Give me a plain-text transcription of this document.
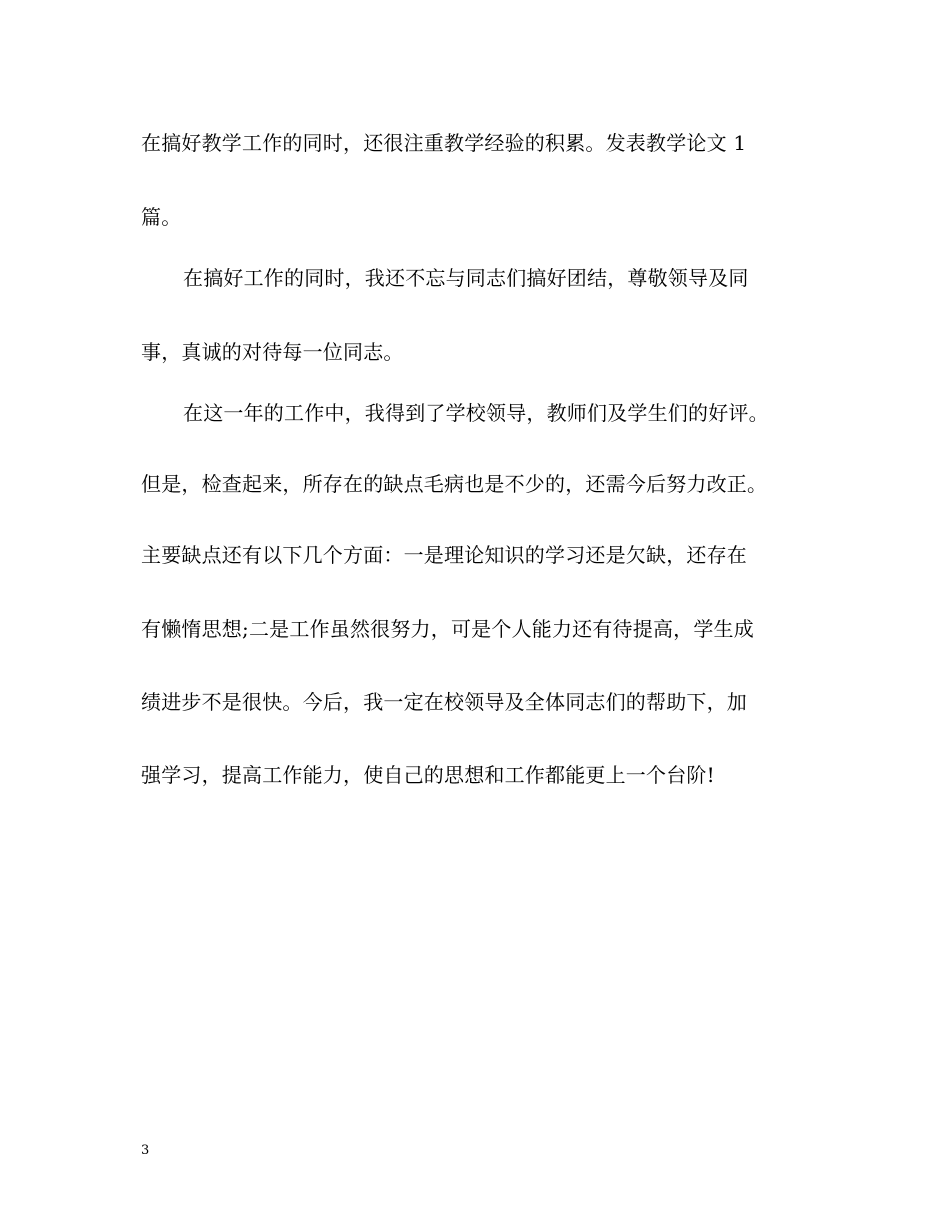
在搞好教学工作的同时，还很注重教学经验的积累。发表教学论文 1
篇。
在搞好工作的同时，我还不忘与同志们搞好团结，尊敬领导及同
事，真诚的对待每一位同志。
在这一年的工作中，我得到了学校领导，教师们及学生们的好评。
但是，检查起来，所存在的缺点毛病也是不少的，还需今后努力改正。
主要缺点还有以下几个方面：一是理论知识的学习还是欠缺，还存在
有懒惰思想;二是工作虽然很努力，可是个人能力还有待提高，学生成
绩进步不是很快。今后，我一定在校领导及全体同志们的帮助下，加
强学习，提高工作能力，使自己的思想和工作都能更上一个台阶!
3
